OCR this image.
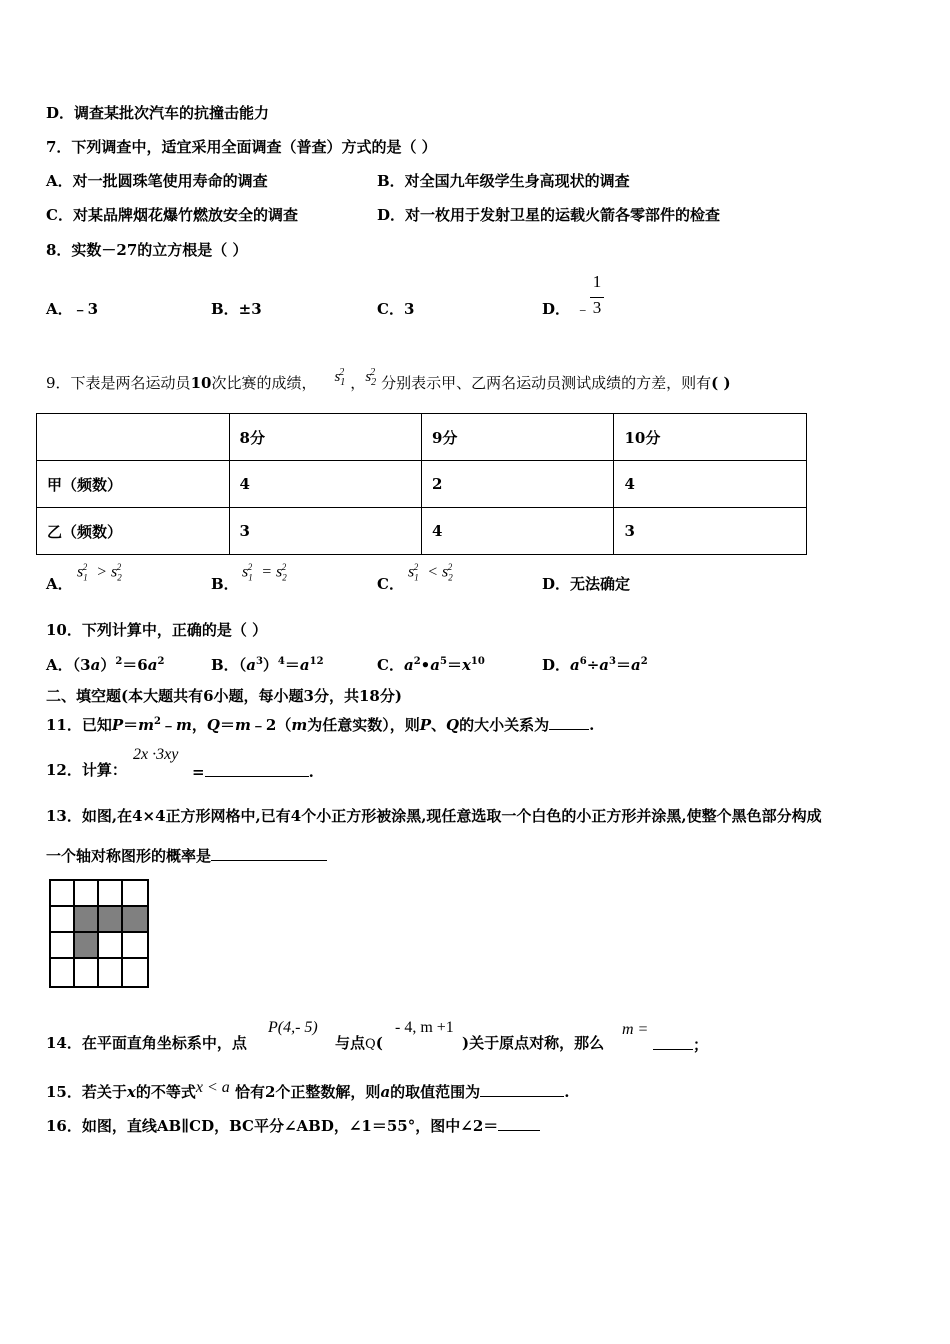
D．调查某批次汽车的抗撞击能力
7．下列调查中，适宜采用全面调查（普查）方式的是（ ）
A．对一批圆珠笔使用寿命的调查	B．对全国九年级学生身高现状的调查
C．对某品牌烟花爆竹燃放安全的调查	D．对一枚用于发射卫星的运载火箭各零部件的检查
8．实数－27的立方根是（ ）
A．﹣3	B．±3	C．3	D． ﹣
1
3
9．下表是两名运动员10次比赛的成绩， $s_1^2$，$s_2^2$分别表示甲、乙两名运动员测试成绩的方差，则有( )
	8分	9分	10分
甲（频数）	4	2	4
乙（频数）	3	4	3
A．
$s_1^2 > s_2^2$
B．
$s_1^2 = s_2^2$
C．
$s_1^2 < s_2^2$
D．无法确定
10．下列计算中，正确的是（ ）
A．$(3a)^2=6a^2$	B．$(a^3)^4=a^{12}$	C．$a^2•a^5=x^{10}$	D．$a^6\div a^3=a^2$
二、填空题(本大题共有6小题，每小题3分，共18分)
11．已知$P=m^2﹣m$，Q＝m﹣2（m为任意实数），则P、Q的大小关系为	.
12．计算：
2x ·3xy
=	.
13．如图,在4×4正方形网格中,已有4个小正方形被涂黑,现任意选取一个白色的小正方形并涂黑,使整个黑色部分构成
一个轴对称图形的概率是
14．在平面直角坐标系中，点
P(4,- 5)
与点Q(
- 4, m +1
)关于原点对称，那么
m =
；
15．若关于x的不等式x < a 恰有2个正整数解，则a的取值范围为	.
16．如图，直线AB∥CD，BC平分∠ABD，∠1＝55°，图中∠2＝
